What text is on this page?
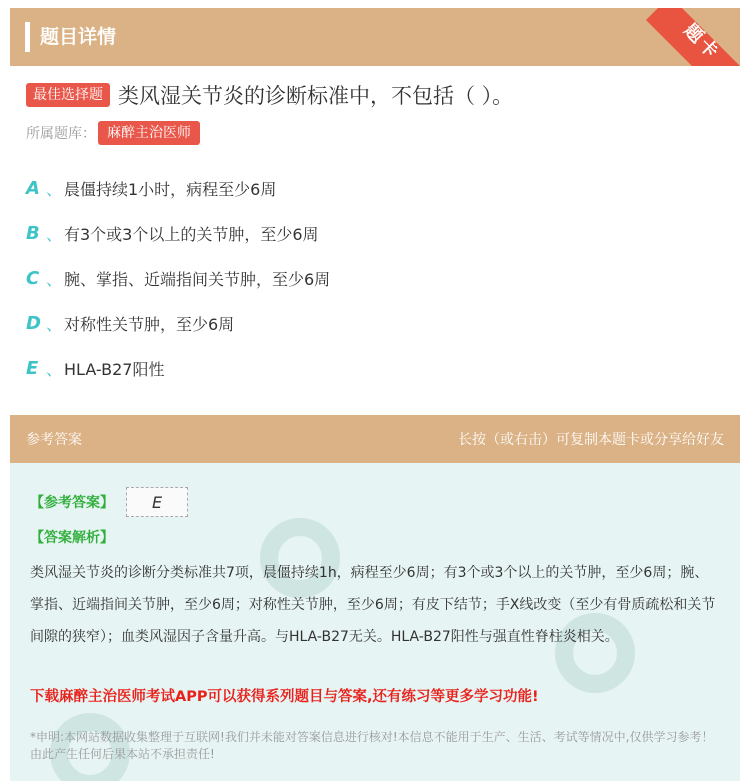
题目详情	题卡
最佳选择题 类风湿关节炎的诊断标准中，不包括（ ）。
所属题库： 麻醉主治医师
A 、 晨僵持续1小时，病程至少6周
B 、 有3个或3个以上的关节肿，至少6周
C 、 腕、掌指、近端指间关节肿，至少6周
D 、 对称性关节肿，至少6周
E 、 HLA-B27阳性
参考答案	长按（或右击）可复制本题卡或分享给好友
【参考答案】	E
【答案解析】
类风湿关节炎的诊断分类标准共7项，晨僵持续1h，病程至少6周；有3个或3个以上的关节肿，至少6周；腕、掌指、近端指间关节肿，至少6周；对称性关节肿，至少6周；有皮下结节；手X线改变（至少有骨质疏松和关节间隙的狭窄）；血类风湿因子含量升高。与HLA-B27无关。HLA-B27阳性与强直性脊柱炎相关。
下载麻醉主治医师考试APP可以获得系列题目与答案,还有练习等更多学习功能!
*申明:本网站数据收集整理于互联网!我们并未能对答案信息进行核对!本信息不能用于生产、生活、考试等情况中,仅供学习参考！由此产生任何后果本站不承担责任!
